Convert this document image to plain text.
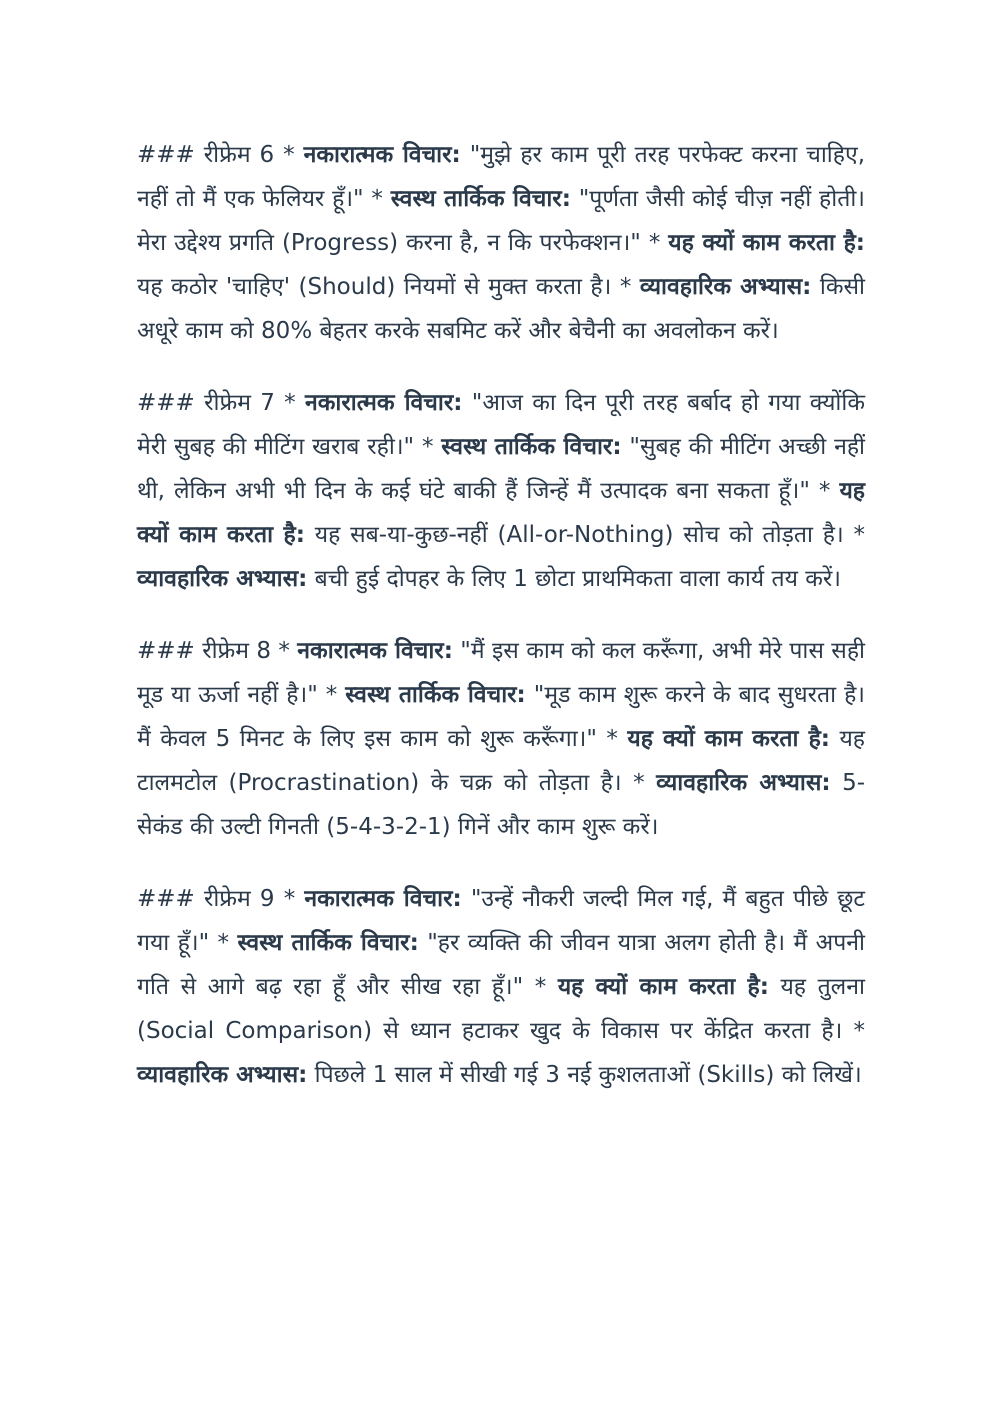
### रीफ्रेम 6 * नकारात्मक विचार: "मुझे हर काम पूरी तरह परफेक्ट करना चाहिए, नहीं तो मैं एक फेलियर हूँ।" * स्वस्थ तार्किक विचार: "पूर्णता जैसी कोई चीज़ नहीं होती। मेरा उद्देश्य प्रगति (Progress) करना है, न कि परफेक्शन।" * यह क्यों काम करता है: यह कठोर 'चाहिए' (Should) नियमों से मुक्त करता है। * व्यावहारिक अभ्यास: किसी अधूरे काम को 80% बेहतर करके सबमिट करें और बेचैनी का अवलोकन करें।

### रीफ्रेम 7 * नकारात्मक विचार: "आज का दिन पूरी तरह बर्बाद हो गया क्योंकि मेरी सुबह की मीटिंग खराब रही।" * स्वस्थ तार्किक विचार: "सुबह की मीटिंग अच्छी नहीं थी, लेकिन अभी भी दिन के कई घंटे बाकी हैं जिन्हें मैं उत्पादक बना सकता हूँ।" * यह क्यों काम करता है: यह सब-या-कुछ-नहीं (All-or-Nothing) सोच को तोड़ता है। * व्यावहारिक अभ्यास: बची हुई दोपहर के लिए 1 छोटा प्राथमिकता वाला कार्य तय करें।

### रीफ्रेम 8 * नकारात्मक विचार: "मैं इस काम को कल करूँगा, अभी मेरे पास सही मूड या ऊर्जा नहीं है।" * स्वस्थ तार्किक विचार: "मूड काम शुरू करने के बाद सुधरता है। मैं केवल 5 मिनट के लिए इस काम को शुरू करूँगा।" * यह क्यों काम करता है: यह टालमटोल (Procrastination) के चक्र को तोड़ता है। * व्यावहारिक अभ्यास: 5-सेकंड की उल्टी गिनती (5-4-3-2-1) गिनें और काम शुरू करें।

### रीफ्रेम 9 * नकारात्मक विचार: "उन्हें नौकरी जल्दी मिल गई, मैं बहुत पीछे छूट गया हूँ।" * स्वस्थ तार्किक विचार: "हर व्यक्ति की जीवन यात्रा अलग होती है। मैं अपनी गति से आगे बढ़ रहा हूँ और सीख रहा हूँ।" * यह क्यों काम करता है: यह तुलना (Social Comparison) से ध्यान हटाकर खुद के विकास पर केंद्रित करता है। * व्यावहारिक अभ्यास: पिछले 1 साल में सीखी गई 3 नई कुशलताओं (Skills) को लिखें।
